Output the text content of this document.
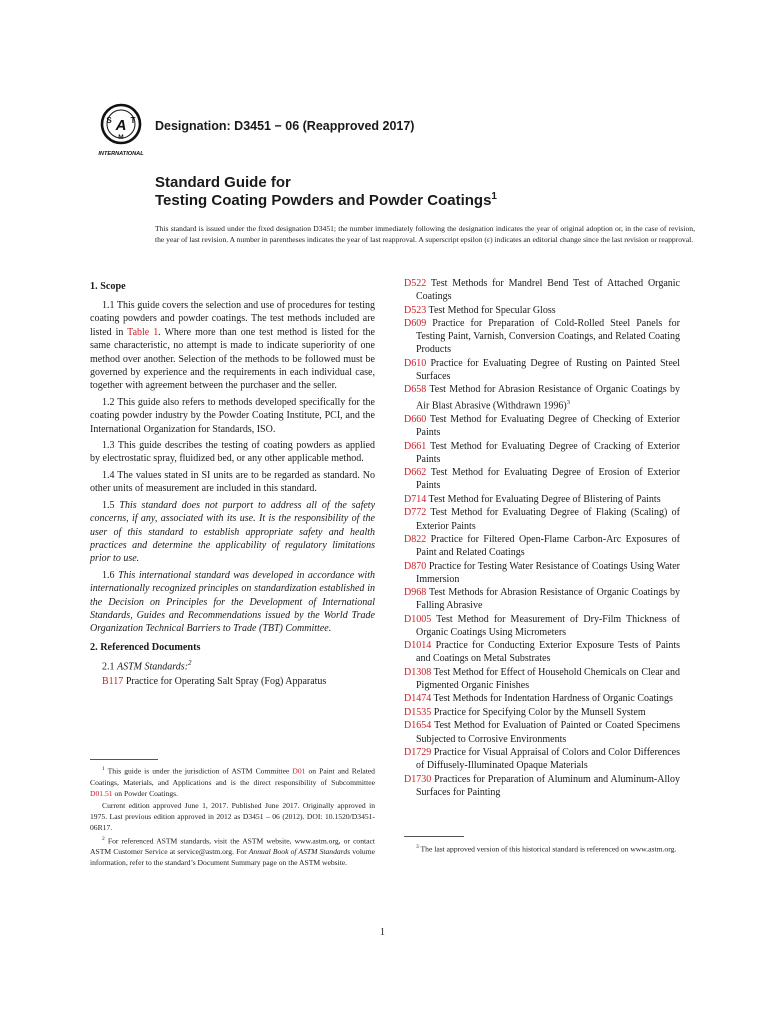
A
S T
M
INTERNATIONAL
Designation: D3451 − 06 (Reapproved 2017)
Standard Guide for
Testing Coating Powders and Powder Coatings$^1$
This standard is issued under the fixed designation D3451; the number immediately following the designation indicates the year of original adoption or, in the case of revision, the year of last revision. A number in parentheses indicates the year of last reapproval. A superscript epsilon (ε) indicates an editorial change since the last revision or reapproval.
1. Scope
1.1 This guide covers the selection and use of procedures for testing coating powders and powder coatings. The test methods included are listed in Table 1. Where more than one test method is listed for the same characteristic, no attempt is made to indicate superiority of one method over another. Selection of the methods to be followed must be governed by experience and the requirements in each individual case, together with agreement between the purchaser and the seller.
1.2 This guide also refers to methods developed specifically for the coating powder industry by the Powder Coating Institute, PCI, and the International Organization for Standards, ISO.
1.3 This guide describes the testing of coating powders as applied by electrostatic spray, fluidized bed, or any other applicable method.
1.4 The values stated in SI units are to be regarded as standard. No other units of measurement are included in this standard.
1.5 This standard does not purport to address all of the safety concerns, if any, associated with its use. It is the responsibility of the user of this standard to establish appropriate safety and health practices and determine the applicability of regulatory limitations prior to use.
1.6 This international standard was developed in accordance with internationally recognized principles on standardization established in the Decision on Principles for the Development of International Standards, Guides and Recommendations issued by the World Trade Organization Technical Barriers to Trade (TBT) Committee.
2. Referenced Documents
2.1 ASTM Standards:$^2$
B117 Practice for Operating Salt Spray (Fog) Apparatus
D522 Test Methods for Mandrel Bend Test of Attached Organic Coatings
D523 Test Method for Specular Gloss
D609 Practice for Preparation of Cold-Rolled Steel Panels for Testing Paint, Varnish, Conversion Coatings, and Related Coating Products
D610 Practice for Evaluating Degree of Rusting on Painted Steel Surfaces
D658 Test Method for Abrasion Resistance of Organic Coatings by Air Blast Abrasive (Withdrawn 1996)$^3$
D660 Test Method for Evaluating Degree of Checking of Exterior Paints
D661 Test Method for Evaluating Degree of Cracking of Exterior Paints
D662 Test Method for Evaluating Degree of Erosion of Exterior Paints
D714 Test Method for Evaluating Degree of Blistering of Paints
D772 Test Method for Evaluating Degree of Flaking (Scaling) of Exterior Paints
D822 Practice for Filtered Open-Flame Carbon-Arc Exposures of Paint and Related Coatings
D870 Practice for Testing Water Resistance of Coatings Using Water Immersion
D968 Test Methods for Abrasion Resistance of Organic Coatings by Falling Abrasive
D1005 Test Method for Measurement of Dry-Film Thickness of Organic Coatings Using Micrometers
D1014 Practice for Conducting Exterior Exposure Tests of Paints and Coatings on Metal Substrates
D1308 Test Method for Effect of Household Chemicals on Clear and Pigmented Organic Finishes
D1474 Test Methods for Indentation Hardness of Organic Coatings
D1535 Practice for Specifying Color by the Munsell System
D1654 Test Method for Evaluation of Painted or Coated Specimens Subjected to Corrosive Environments
D1729 Practice for Visual Appraisal of Colors and Color Differences of Diffusely-Illuminated Opaque Materials
D1730 Practices for Preparation of Aluminum and Aluminum-Alloy Surfaces for Painting
$^1$ This guide is under the jurisdiction of ASTM Committee D01 on Paint and Related Coatings, Materials, and Applications and is the direct responsibility of Subcommittee D01.51 on Powder Coatings.
Current edition approved June 1, 2017. Published June 2017. Originally approved in 1975. Last previous edition approved in 2012 as D3451 – 06 (2012). DOI: 10.1520/D3451-06R17.
$^2$ For referenced ASTM standards, visit the ASTM website, www.astm.org, or contact ASTM Customer Service at service@astm.org. For Annual Book of ASTM Standards volume information, refer to the standard’s Document Summary page on the ASTM website.
$^3$ The last approved version of this historical standard is referenced on www.astm.org.
1
